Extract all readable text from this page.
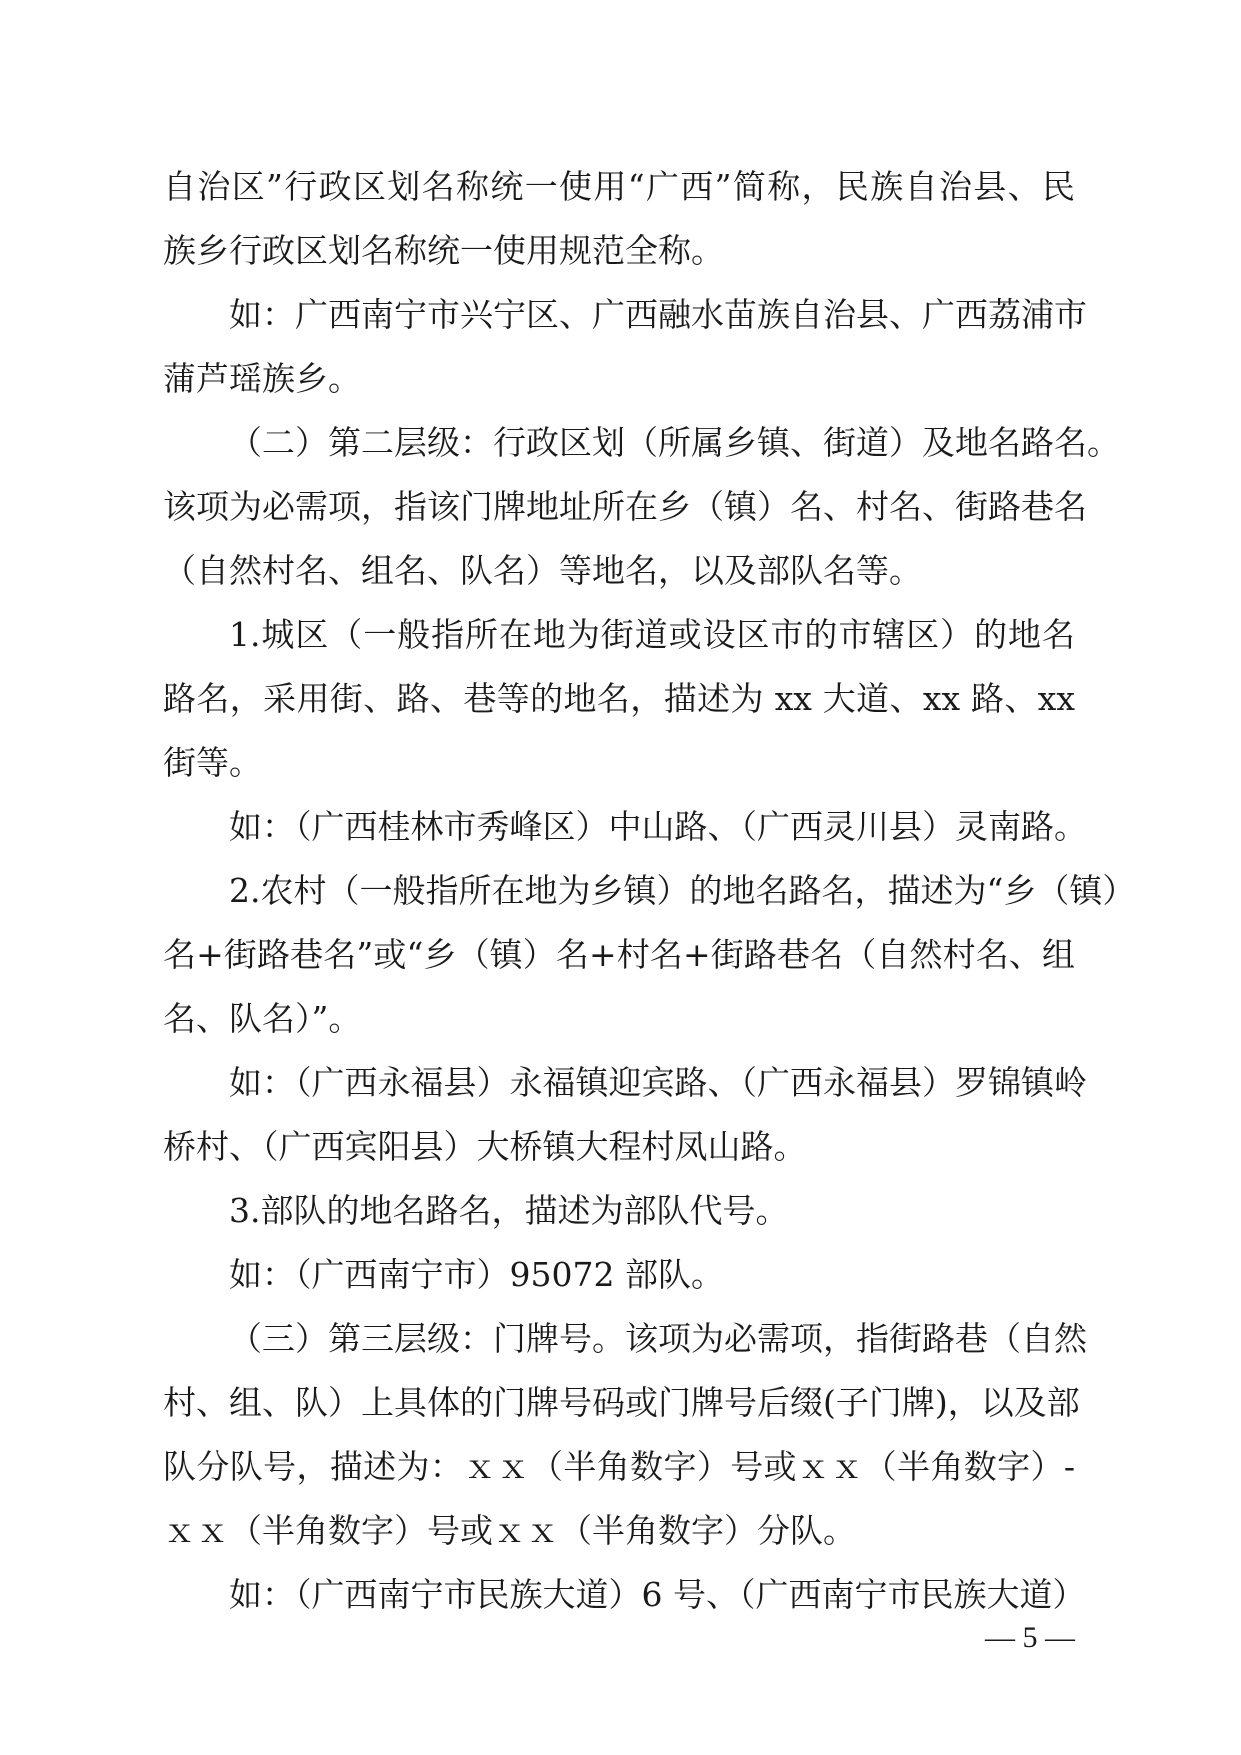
自治区”行政区划名称统一使用“广西”简称，民族自治县、民
族乡行政区划名称统一使用规范全称。
如：广西南宁市兴宁区、广西融水苗族自治县、广西荔浦市
蒲芦瑶族乡。
（二）第二层级：行政区划（所属乡镇、街道）及地名路名。
该项为必需项，指该门牌地址所在乡（镇）名、村名、街路巷名
（自然村名、组名、队名）等地名，以及部队名等。
1.城区（一般指所在地为街道或设区市的市辖区）的地名
路名，采用街、路、巷等的地名，描述为 xx 大道、xx 路、xx
街等。
如：（广西桂林市秀峰区）中山路、（广西灵川县）灵南路。
2.农村（一般指所在地为乡镇）的地名路名，描述为“乡（镇）
名+街路巷名”或“乡（镇）名+村名+街路巷名（自然村名、组
名、队名）”。
如：（广西永福县）永福镇迎宾路、（广西永福县）罗锦镇岭
桥村、（广西宾阳县）大桥镇大程村凤山路。
3.部队的地名路名，描述为部队代号。
如：（广西南宁市）95072 部队。
（三）第三层级：门牌号。该项为必需项，指街路巷（自然
村、组、队）上具体的门牌号码或门牌号后缀(子门牌)，以及部
队分队号，描述为：ｘｘ（半角数字）号或ｘｘ（半角数字）-
ｘｘ（半角数字）号或ｘｘ（半角数字）分队。
如：（广西南宁市民族大道）6 号、（广西南宁市民族大道）
— 5 —
